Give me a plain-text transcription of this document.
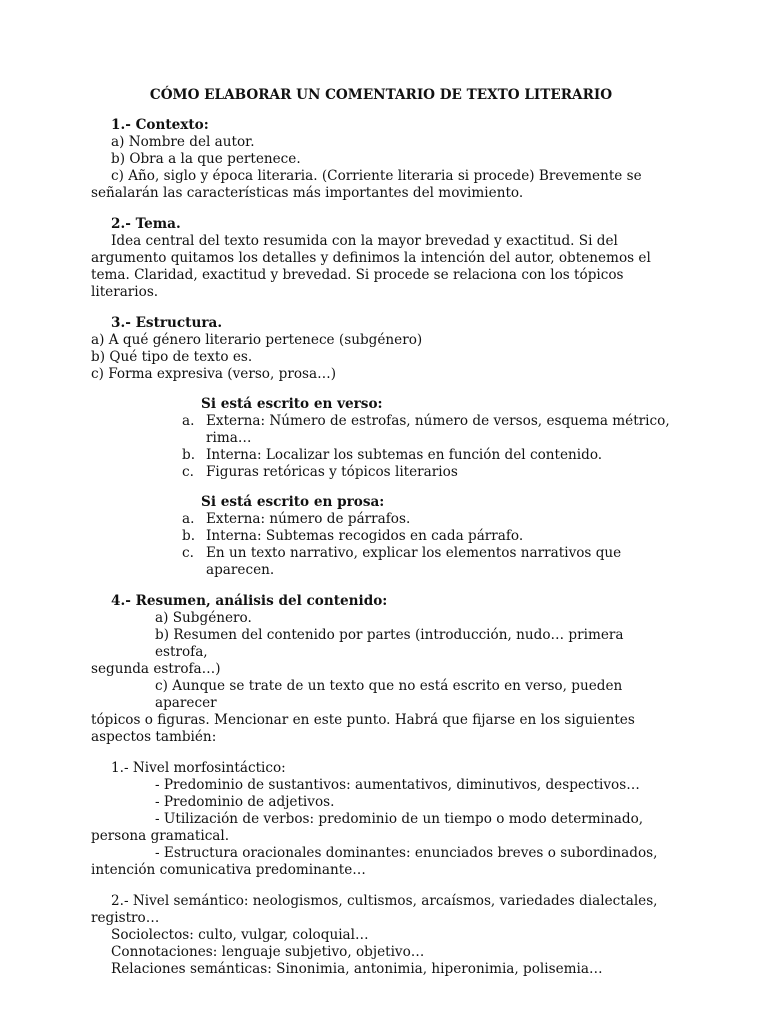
CÓMO ELABORAR UN COMENTARIO DE TEXTO LITERARIO

1.- Contexto:

a) Nombre del autor.

b) Obra a la que pertenece.

c) Año, siglo y época literaria. (Corriente literaria si procede) Brevemente se

señalarán las características más importantes del movimiento.

2.- Tema.

Idea central del texto resumida con la mayor brevedad y exactitud. Si del

argumento quitamos los detalles y definimos la intención del autor, obtenemos el tema. Claridad, exactitud y brevedad. Si procede se relaciona con los tópicos literarios.

3.- Estructura.

a) A qué género literario pertenece (subgénero)

b) Qué tipo de texto es.

c) Forma expresiva (verso, prosa…)

Si está escrito en verso:

a. Externa: Número de estrofas, número de versos, esquema métrico, rima…
b. Interna: Localizar los subtemas en función del contenido.
c. Figuras retóricas y tópicos literarios

Si está escrito en prosa:

a. Externa: número de párrafos.
b. Interna: Subtemas recogidos en cada párrafo.
c. En un texto narrativo, explicar los elementos narrativos que aparecen.

4.- Resumen, análisis del contenido:

a) Subgénero.

b) Resumen del contenido por partes (introducción, nudo… primera estrofa,

segunda estrofa…)

c) Aunque se trate de un texto que no está escrito en verso, pueden aparecer

tópicos o figuras. Mencionar en este punto. Habrá que fijarse en los siguientes aspectos también:

1.- Nivel morfosintáctico:

- Predominio de sustantivos: aumentativos, diminutivos, despectivos…

- Predominio de adjetivos.

- Utilización de verbos: predominio de un tiempo o modo determinado,

persona gramatical.

- Estructura oracionales dominantes: enunciados breves o subordinados,

intención comunicativa predominante…

2.- Nivel semántico: neologismos, cultismos, arcaísmos, variedades dialectales,

registro…

Sociolectos: culto, vulgar, coloquial…

Connotaciones: lenguaje subjetivo, objetivo…

Relaciones semánticas: Sinonimia, antonimia, hiperonimia, polisemia…
